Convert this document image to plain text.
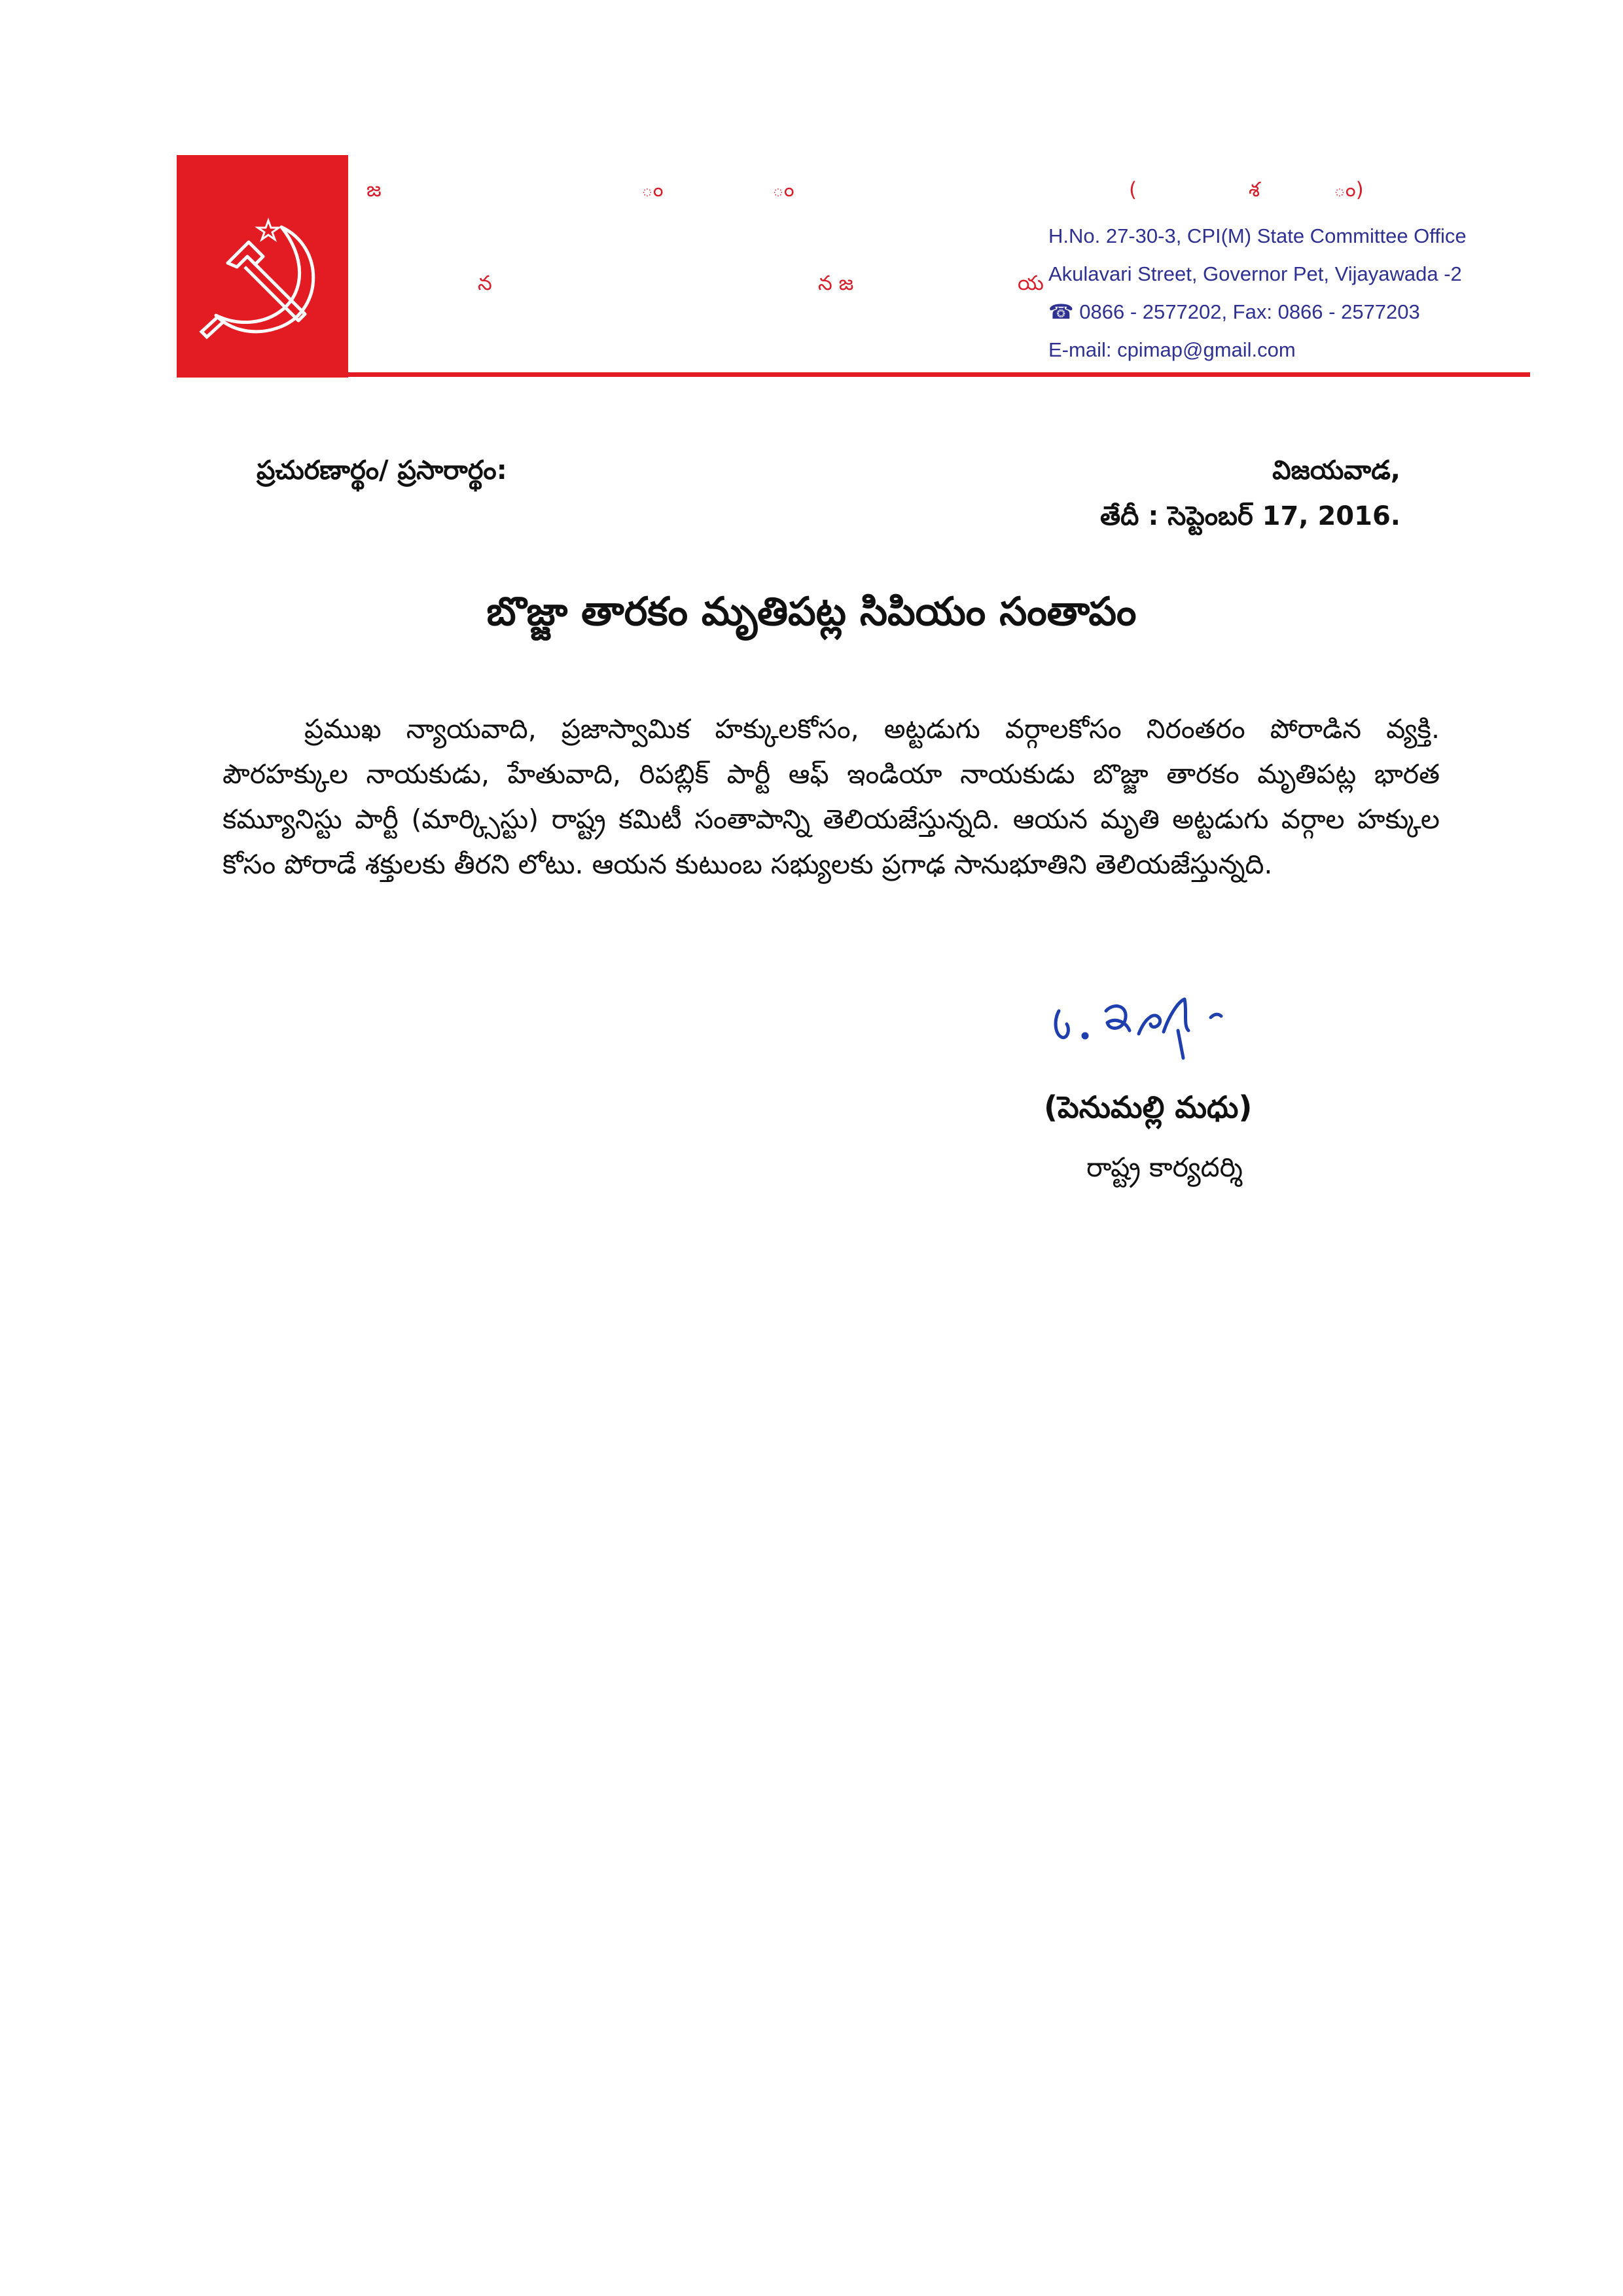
జ	ం	ం	(	శ	ం)
న	న జ	య
H.No. 27-30-3, CPI(M) State Committee Office
Akulavari Street, Governor Pet, Vijayawada -2
☎ 0866 - 2577202, Fax: 0866 - 2577203
E-mail: cpimap@gmail.com
ప్రచురణార్థం/ ప్రసారార్థం:	విజయవాడ,
తేదీ : సెప్టెంబర్ 17, 2016.
బొజ్జా తారకం మృతిపట్ల సిపియం సంతాపం
ప్రముఖ న్యాయవాది, ప్రజాస్వామిక హక్కులకోసం, అట్టడుగు వర్గాలకోసం నిరంతరం పోరాడిన వ్యక్తి. పౌరహక్కుల నాయకుడు, హేతువాది, రిపబ్లిక్ పార్టీ ఆఫ్ ఇండియా నాయకుడు బొజ్జా తారకం మృతిపట్ల భారత కమ్యూనిస్టు పార్టీ (మార్క్సిస్టు) రాష్ట్ర కమిటీ సంతాపాన్ని తెలియజేస్తున్నది. ఆయన మృతి అట్టడుగు వర్గాల హక్కుల కోసం పోరాడే శక్తులకు తీరని లోటు. ఆయన కుటుంబ సభ్యులకు ప్రగాఢ సానుభూతిని తెలియజేస్తున్నది.
(పెనుమల్లి మధు)
రాష్ట్ర కార్యదర్శి
